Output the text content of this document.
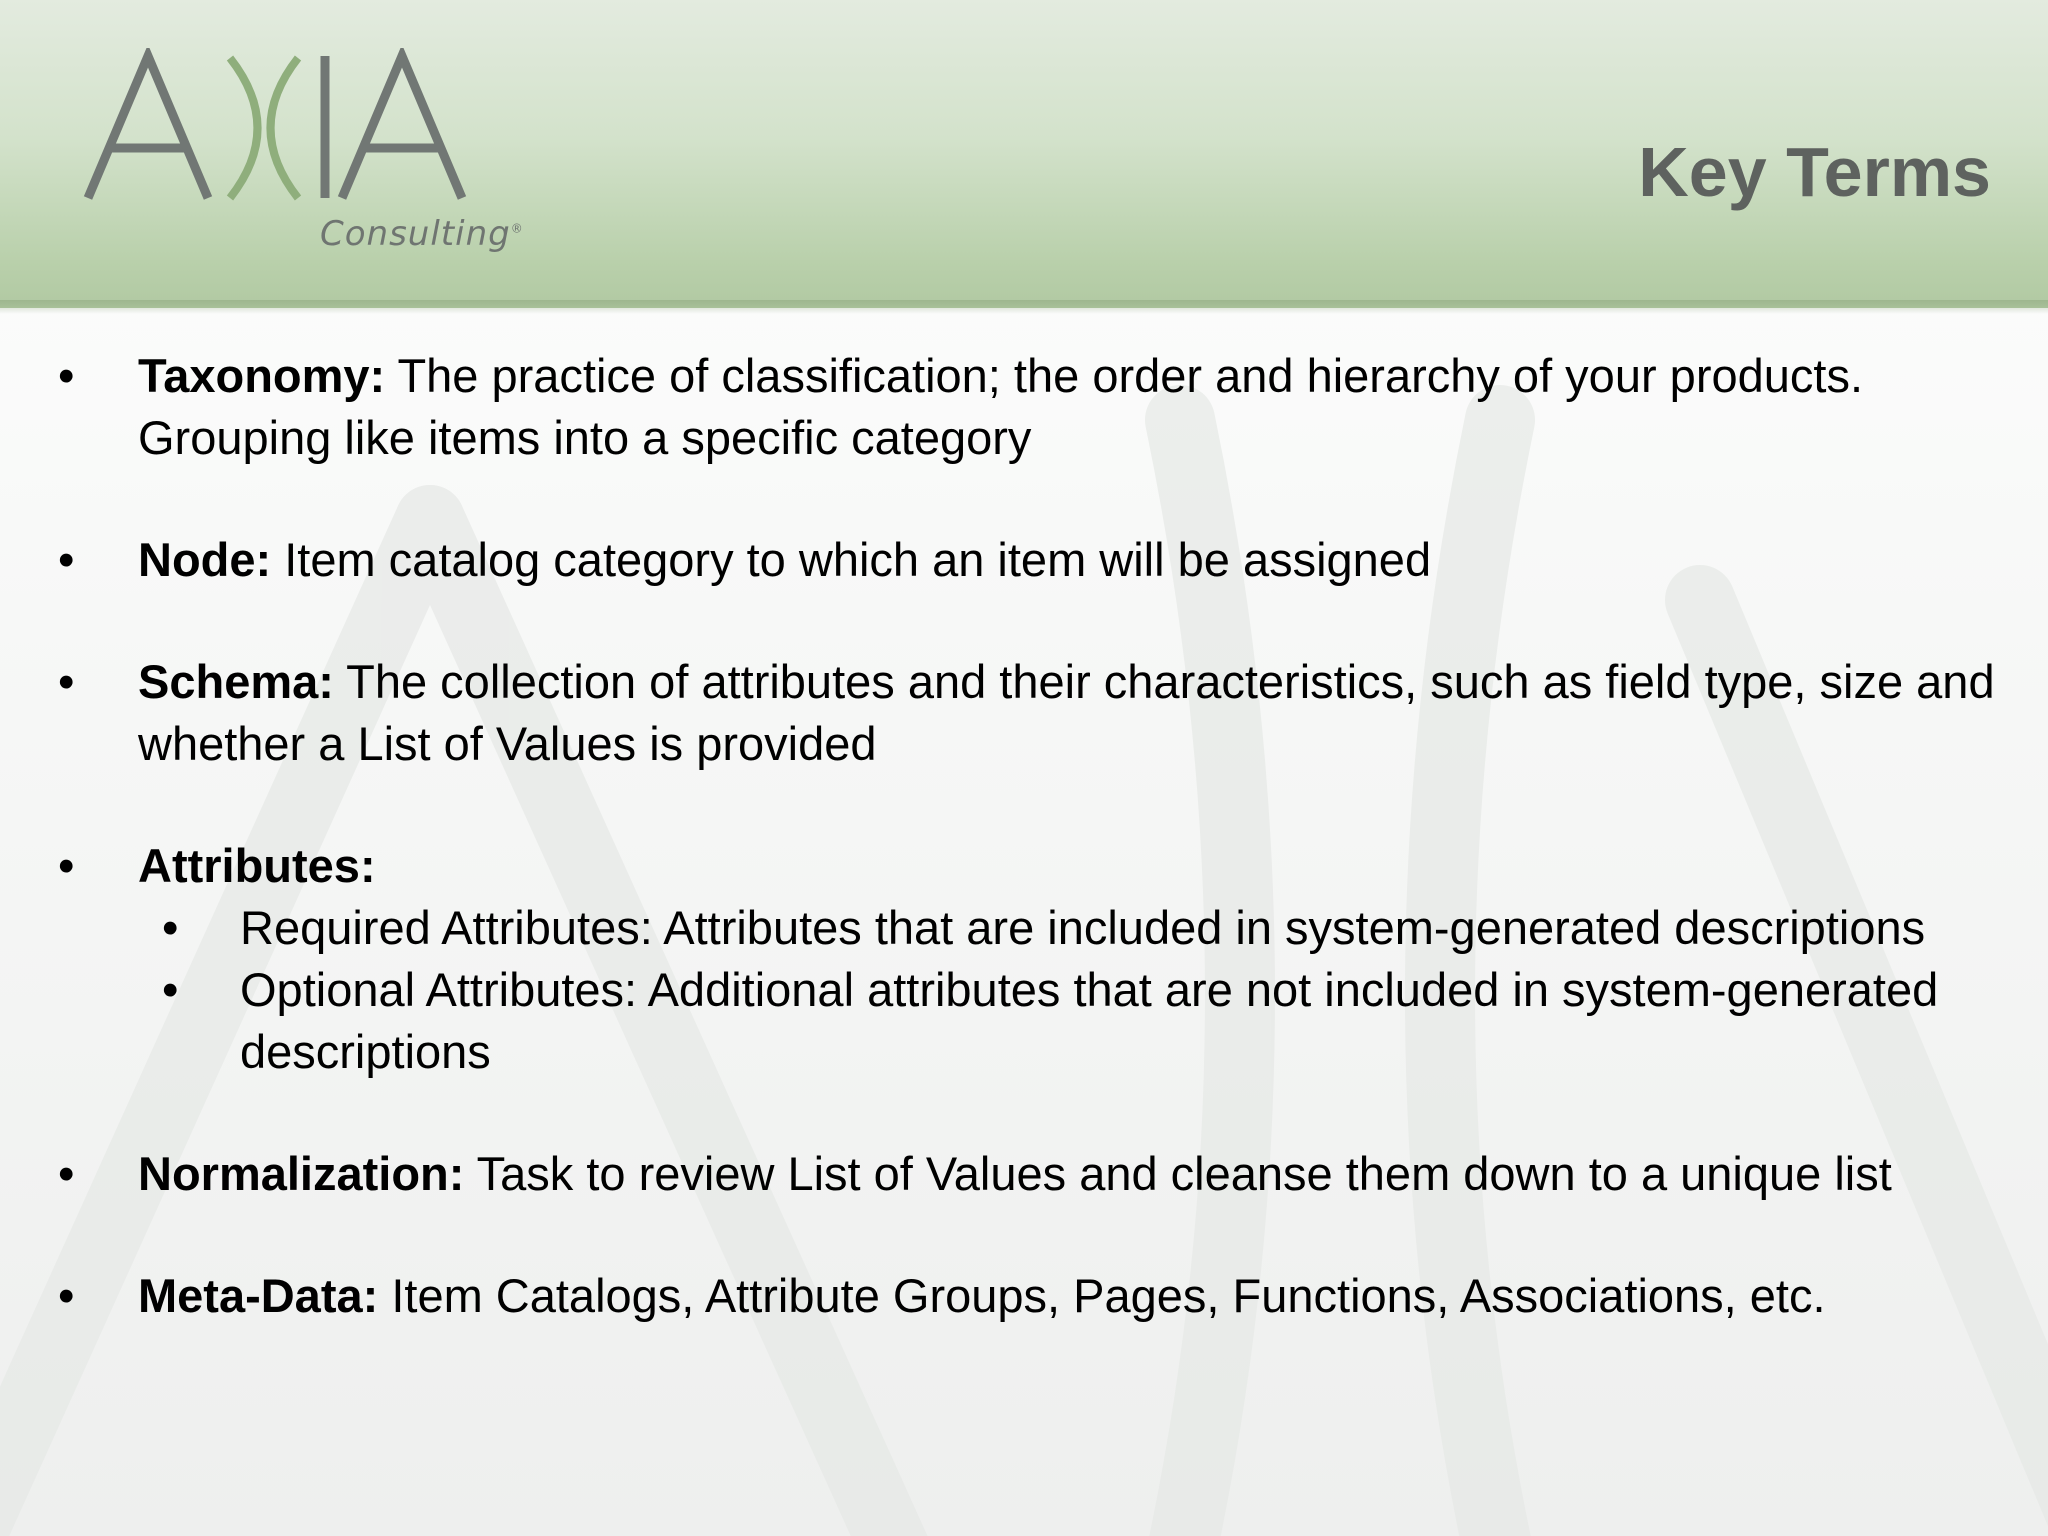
Consulting®
Key Terms
• Taxonomy: The practice of classification; the order and hierarchy of your products. Grouping like items into a specific category
• Node: Item catalog category to which an item will be assigned
• Schema: The collection of attributes and their characteristics, such as field type, size and whether a List of Values is provided
• Attributes:
• Required Attributes: Attributes that are included in system-generated descriptions
• Optional Attributes: Additional attributes that are not included in system-generated descriptions
• Normalization: Task to review List of Values and cleanse them down to a unique list
• Meta-Data: Item Catalogs, Attribute Groups, Pages, Functions, Associations, etc.
